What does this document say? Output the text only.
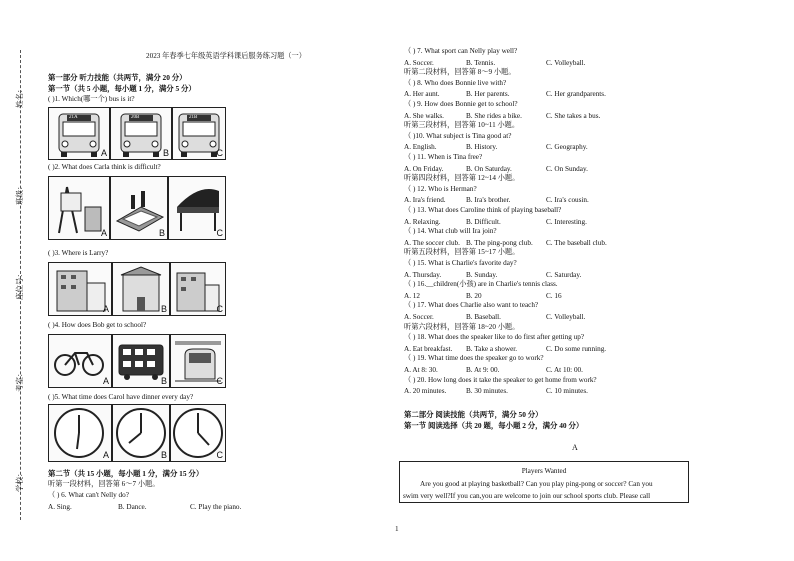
姓名：
班级：
座位号：
考室：
学校：
2023 年春季七年级英语学科课后服务练习题（一）
第一部分 听力技能（共两节，满分 20 分）
第一节（共 5 小题，每小题 1 分，满分 5 分）
( )1. Which(哪一个) bus is it?
21A
A
20B
B
21B
C
( )2. What does Carla think is difficult?
A	B	C
( )3. Where is Larry?
A	B	C
( )4. How does Bob get to school?
A	B	C
( )5. What time does Carol have dinner every day?
A	B	C
第二节（共 15 小题，每小题 1 分，满分 15 分）
听第一段材料，回答第 6～7 小题。
（ ) 6. What can't Nelly do?
A. Sing.	B. Dance.	C. Play the piano.
（ ) 7. What sport can Nelly play well?
A. Soccer.	B. Tennis.	C. Volleyball.
听第二段材料，回答第 8～9 小题。
（ ) 8. Who does Bonnie live with?
A. Her aunt.	B. Her parents.	C. Her grandparents.
（ ) 9. How does Bonnie get to school?
A. She walks.	B. She rides a bike.	C. She takes a bus.
听第三段材料，回答第 10~11 小题。
（ )10. What subject is Tina good at?
A. English.	B. History.	C. Geography.
（ ) 11. When is Tina free?
A. On Friday.	B. On Saturday.	C. On Sunday.
听第四段材料，回答第 12~14 小题。
（ ) 12. Who is Herman?
A. Ira's friend.	B. Ira's brother.	C. Ira's cousin.
（ ) 13. What does Caroline think of playing baseball?
A. Relaxing.	B. Difficult.	C. Interesting.
（ ) 14. What club will Ira join?
A. The soccer club. B. The ping-pong club. C. The baseball club.
听第五段材料，回答第 15~17 小题。
（ ) 15. What is Charlie's favorite day?
A. Thursday.	B. Sunday.	C. Saturday.
（ ) 16.__children(小孩) are in Charlie's tennis class.
A. 12	B. 20	C. 16
（ ) 17. What does Charlie also want to teach?
A. Soccer.	B. Baseball.	C. Volleyball.
听第六段材料，回答第 18~20 小题。
（ ) 18. What does the speaker like to do first after getting up?
A. Eat breakfast. B. Take a shower.	C. Do some running.
（ ) 19. What time does the speaker go to work?
A. At 8: 30.	B. At 9: 00.	C. At 10: 00.
（ ) 20. How long does it take the speaker to get home from work?
A. 20 minutes.	B. 30 minutes.	C. 10 minutes.
第二部分 阅读技能（共两节，满分 50 分）
第一节 阅读选择（共 20 题，每小题 2 分，满分 40 分）
A
Players Wanted
Are you good at playing basketball? Can you play ping-pong or soccer? Can you
swim very well?If you can,you are welcome to join our school sports club. Please call
1
